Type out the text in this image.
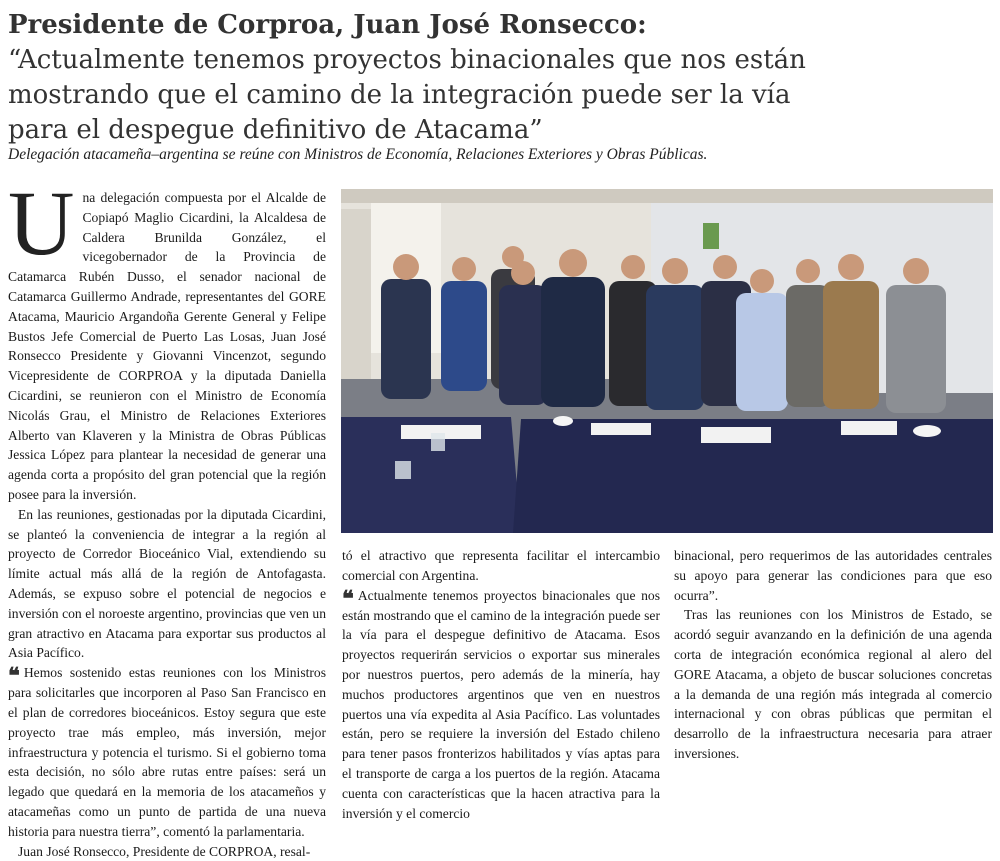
Presidente de Corproa, Juan José Ronsecco:
“Actualmente tenemos proyectos binacionales que nos están
mostrando que el camino de la integración puede ser la vía
para el despegue definitivo de Atacama”
Delegación atacameña–argentina se reúne con Ministros de Economía, Relaciones Exteriores y Obras Públicas.

Una delegación compuesta por el Alcalde de Copiapó Maglio Cicardini, la Alcaldesa de Caldera Brunilda González, el vicegobernador de la Provincia de Catamarca Rubén Dusso, el senador nacional de Catamarca Guillermo Andrade, representantes del GORE Atacama, Mauricio Argandoña Gerente General y Felipe Bustos Jefe Comercial de Puerto Las Losas, Juan José Ronsecco Presidente y Giovanni Vincenzot, segundo Vicepresidente de CORPROA y la diputada Daniella Cicardini, se reunieron con el Ministro de Economía Nicolás Grau, el Ministro de Relaciones Exteriores Alberto van Klaveren y la Ministra de Obras Públicas Jessica López para plantear la necesidad de generar una agenda corta a propósito del gran potencial que la región posee para la inversión.

En las reuniones, gestionadas por la diputada Cicardini, se planteó la conveniencia de integrar a la región al proyecto de Corredor Bioceánico Vial, extendiendo su límite actual más allá de la región de Antofagasta. Además, se expuso sobre el potencial de negocios e inversión con el noroeste argentino, provincias que ven un gran atractivo en Atacama para exportar sus productos al Asia Pacífico.

❝ Hemos sostenido estas reuniones con los Ministros para solicitarles que incorporen al Paso San Francisco en el plan de corredores bioceánicos. Estoy segura que este proyecto trae más empleo, más inversión, mejor infraestructura y potencia el turismo. Si el gobierno toma esta decisión, no sólo abre rutas entre países: será un legado que quedará en la memoria de los atacameños y atacameñas como un punto de partida de una nueva historia para nuestra tierra”, comentó la parlamentaria.

Juan José Ronsecco, Presidente de CORPROA, resal-

tó el atractivo que representa facilitar el intercambio comercial con Argentina.

❝ Actualmente tenemos proyectos binacionales que nos están mostrando que el camino de la integración puede ser la vía para el despegue definitivo de Atacama. Esos proyectos requerirán servicios o exportar sus minerales por nuestros puertos, pero además de la minería, hay muchos productores argentinos que ven en nuestros puertos una vía expedita al Asia Pacífico. Las voluntades están, pero se requiere la inversión del Estado chileno para tener pasos fronterizos habilitados y vías aptas para el transporte de carga a los puertos de la región. Atacama cuenta con características que la hacen atractiva para la inversión y el comercio

binacional, pero requerimos de las autoridades centrales su apoyo para generar las condiciones para que eso ocurra”.

Tras las reuniones con los Ministros de Estado, se acordó seguir avanzando en la definición de una agenda corta de integración económica regional al alero del GORE Atacama, a objeto de buscar soluciones concretas a la demanda de una región más integrada al comercio internacional y con obras públicas que permitan el desarrollo de la infraestructura necesaria para atraer inversiones.
